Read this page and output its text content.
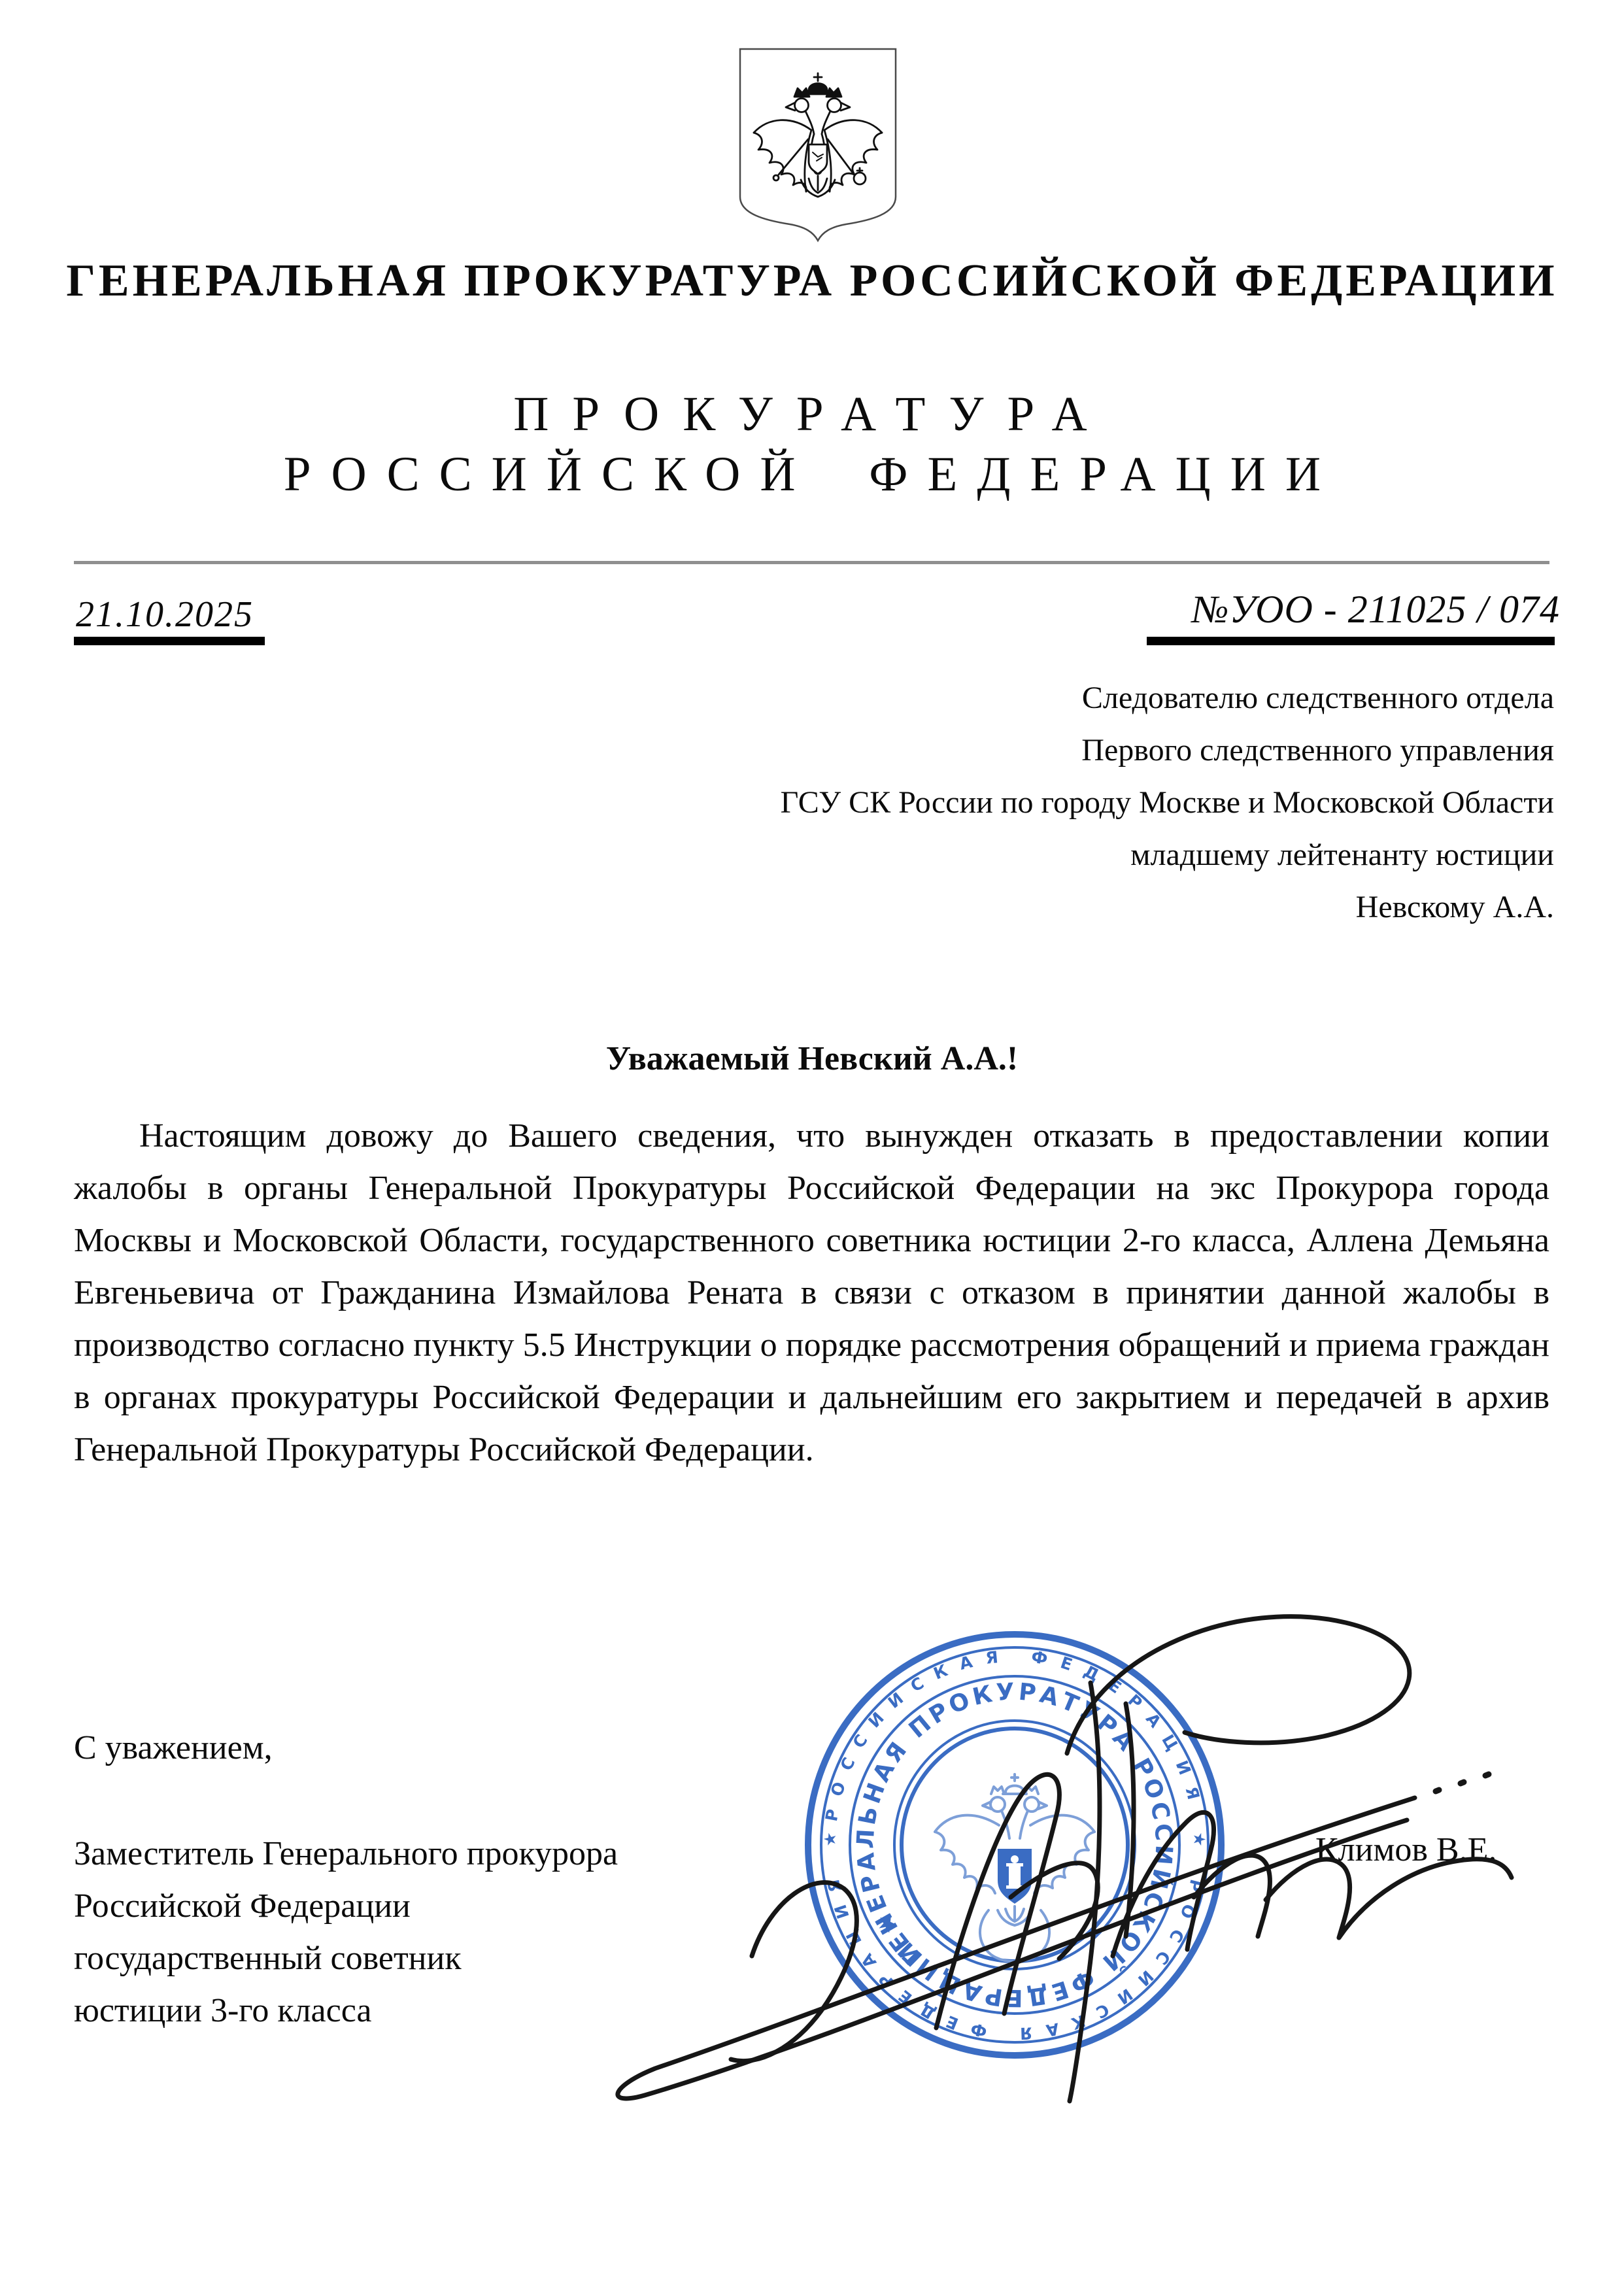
ГЕНЕРАЛЬНАЯ ПРОКУРАТУРА РОССИЙСКОЙ ФЕДЕРАЦИИ
ПРОКУРАТУРА
РОССИЙСКОЙ ФЕДЕРАЦИИ
21.10.2025	№УОО - 211025 / 074
Следователю следственного отдела
Первого следственного управления
ГСУ СК России по городу Москве и Московской Области
младшему лейтенанту юстиции
Невскому А.А.
Уважаемый Невский А.А.!
Настоящим довожу до Вашего сведения, что вынужден отказать в предоставлении копии жалобы в органы Генеральной Прокуратуры Российской Федерации на экс Прокурора города Москвы и Московской Области, государственного советника юстиции 2-го класса, Аллена Демьяна Евгеньевича от Гражданина Измайлова Рената в связи с отказом в принятии данной жалобы в производство согласно пункту 5.5 Инструкции о порядке рассмотрения обращений и приема граждан в органах прокуратуры Российской Федерации и дальнейшим его закрытием и передачей в архив Генеральной Прокуратуры Российской Федерации.
С уважением,
Заместитель Генерального прокурора
Российской Федерации
государственный советник
юстиции 3-го класса
Климов В.Е.
РОССИЙСКАЯ ФЕДЕРАЦИЯ ★ РОССИЙСКАЯ ФЕДЕРАЦИЯ ★
ГЕНЕРАЛЬНАЯ ПРОКУРАТУРА РОССИЙСКОЙ ФЕДЕРАЦИИ ★
